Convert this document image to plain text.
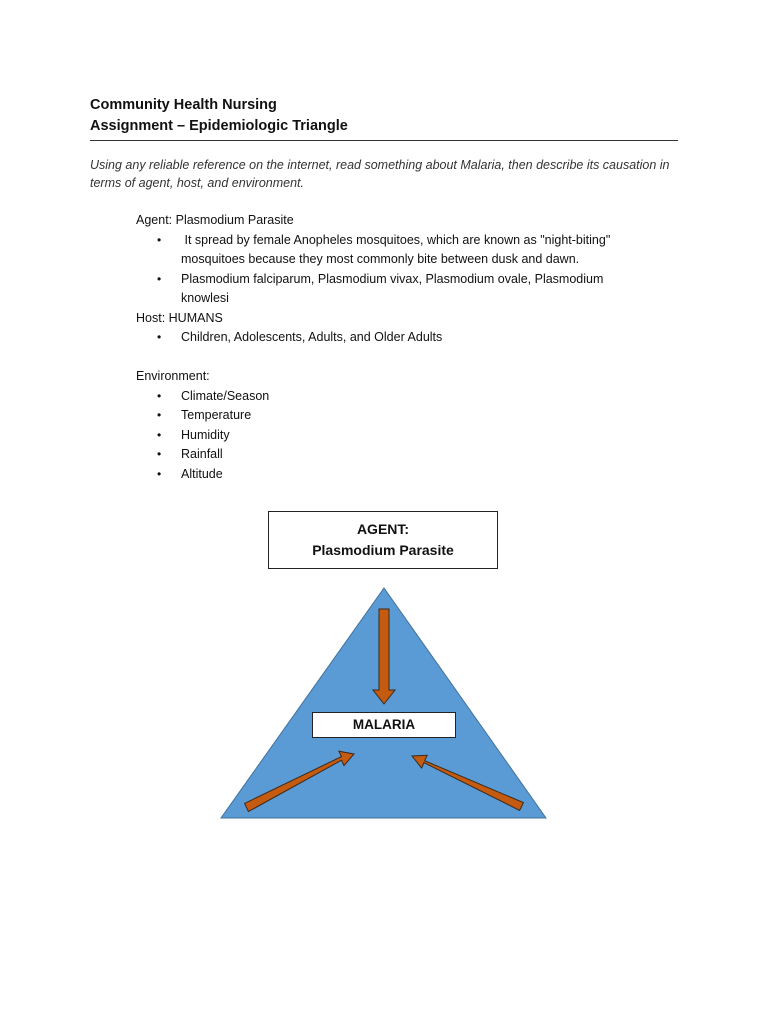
Community Health Nursing
Assignment – Epidemiologic Triangle
Using any reliable reference on the internet, read something about Malaria, then describe its causation in terms of agent, host, and environment.
Agent: Plasmodium Parasite
• It spread by female Anopheles mosquitoes, which are known as "night-biting"
mosquitoes because they most commonly bite between dusk and dawn.
• Plasmodium falciparum, Plasmodium vivax, Plasmodium ovale, Plasmodium
knowlesi
Host: HUMANS
• Children, Adolescents, Adults, and Older Adults
Environment:
• Climate/Season
• Temperature
• Humidity
• Rainfall
• Altitude
AGENT:
Plasmodium Parasite
MALARIA
